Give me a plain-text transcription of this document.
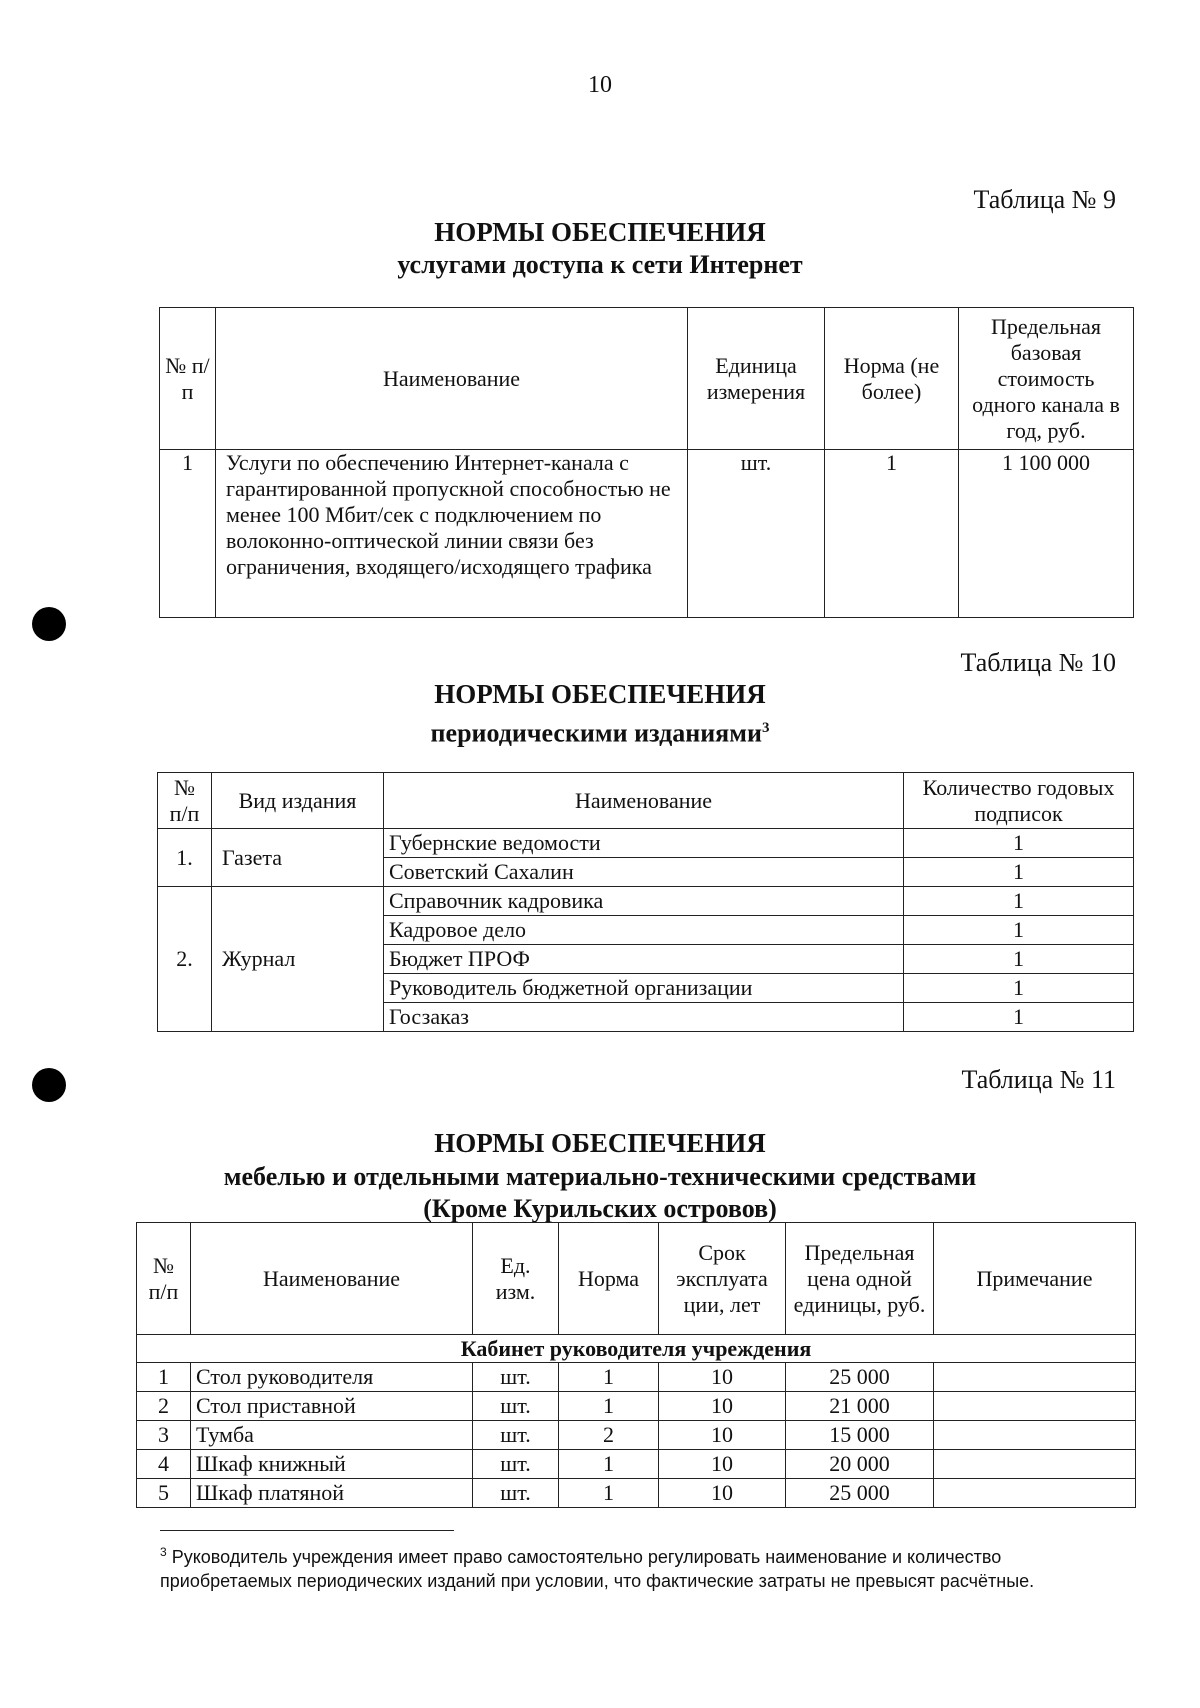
10
Таблица № 9
НОРМЫ ОБЕСПЕЧЕНИЯ
услугами доступа к сети Интернет
№ п/п	Наименование	Единица измерения	Норма (не более)	Предельная базовая стоимость одного канала в год, руб.
1	Услуги по обеспечению Интернет-канала с гарантированной пропускной способностью не менее 100 Мбит/сек с подключением по волоконно-оптической линии связи без ограничения, входящего/исходящего трафика	шт.	1	1 100 000
Таблица № 10
НОРМЫ ОБЕСПЕЧЕНИЯ
периодическими изданиями$^3$
№ п/п	Вид издания	Наименование	Количество годовых подписок
1.	Газета	Губернские ведомости	1
		Советский Сахалин	1
2.	Журнал	Справочник кадровика	1
		Кадровое дело	1
		Бюджет ПРОФ	1
		Руководитель бюджетной организации	1
		Госзаказ	1
Таблица № 11
НОРМЫ ОБЕСПЕЧЕНИЯ
мебелью и отдельными материально-техническими средствами
(Кроме Курильских островов)
№ п/п	Наименование	Ед. изм.	Норма	Срок эксплуата ции, лет	Предельная цена одной единицы, руб.	Примечание
Кабинет руководителя учреждения						
1	Стол руководителя	шт.	1	10	25 000	
2	Стол приставной	шт.	1	10	21 000	
3	Тумба	шт.	2	10	15 000	
4	Шкаф книжный	шт.	1	10	20 000	
5	Шкаф платяной	шт.	1	10	25 000	
$^3$ Руководитель учреждения имеет право самостоятельно регулировать наименование и количество приобретаемых периодических изданий при условии, что фактические затраты не превысят расчётные.
